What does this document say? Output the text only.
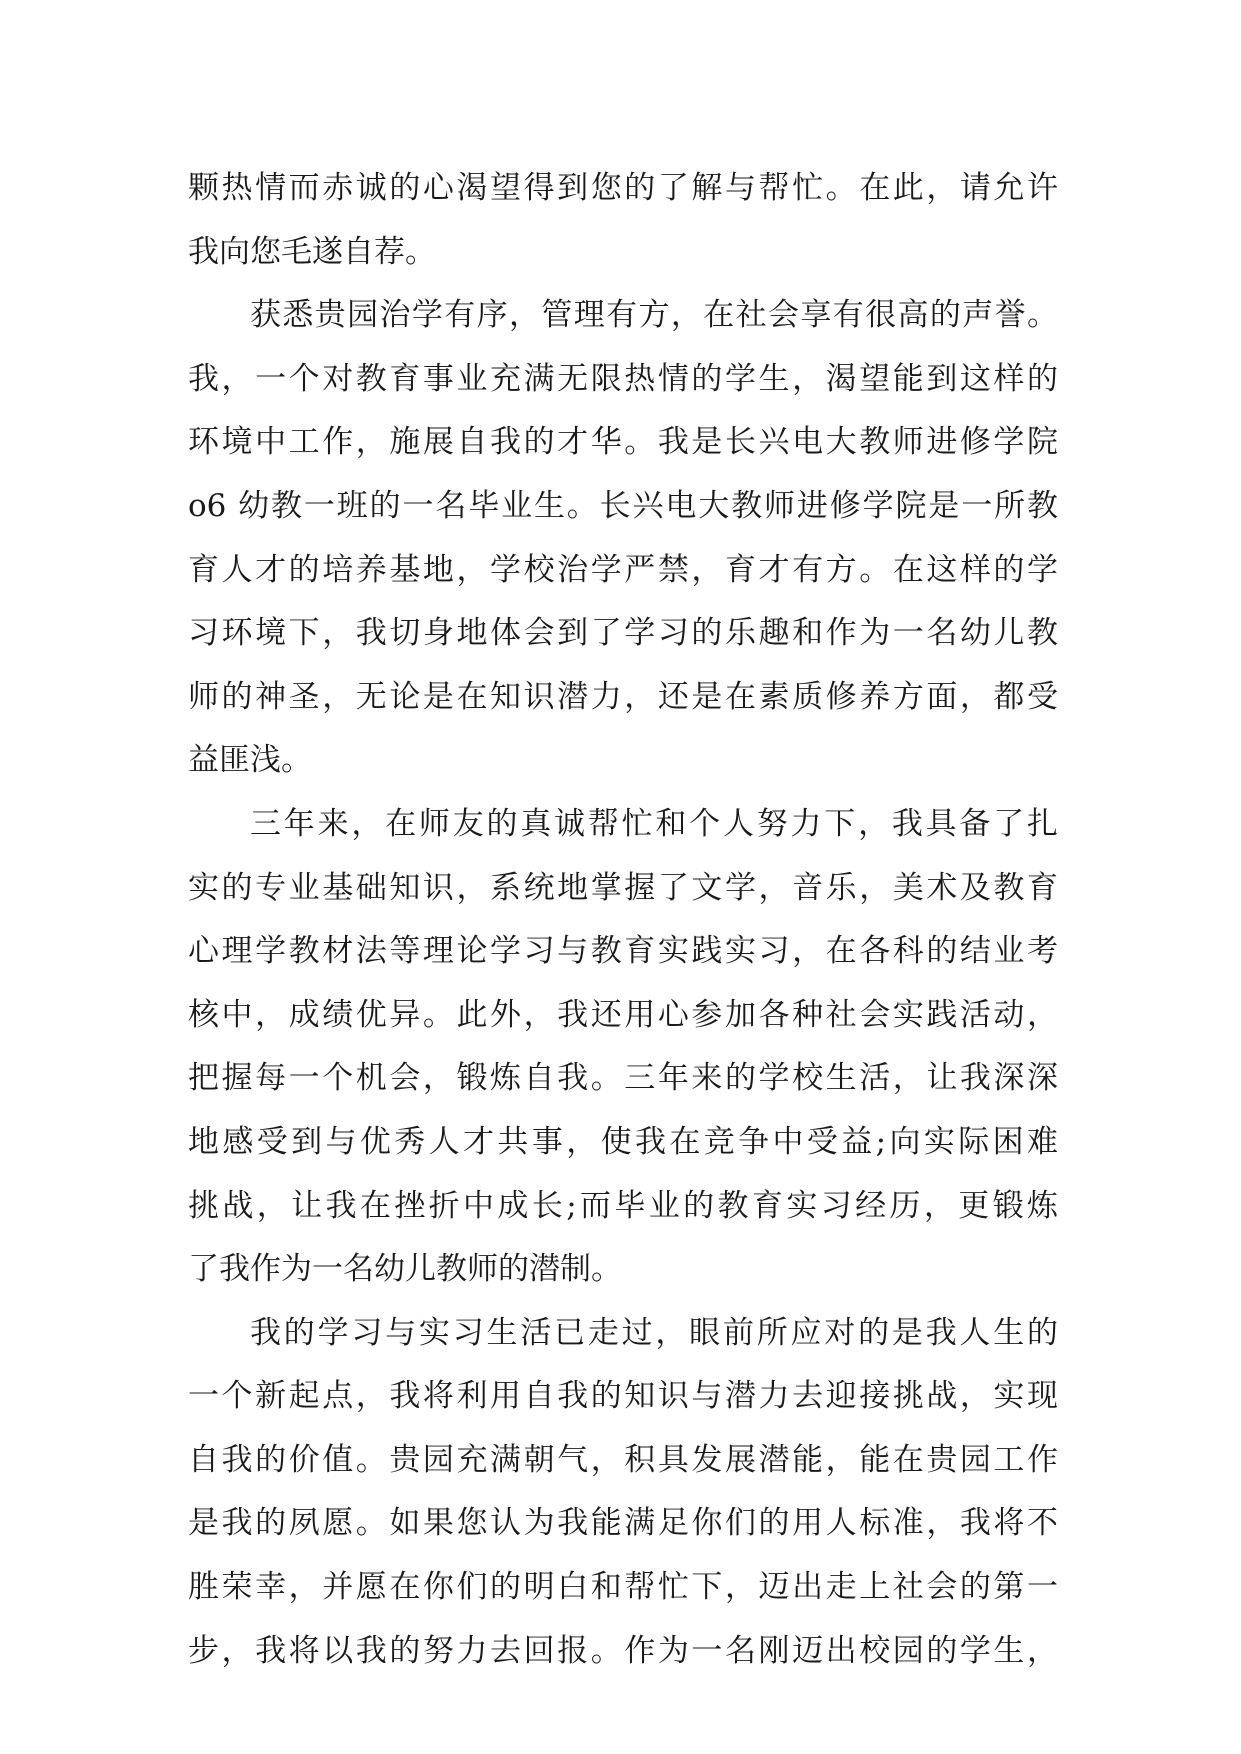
颗热情而赤诚的心渴望得到您的了解与帮忙。在此，请允许
我向您毛遂自荐。
获悉贵园治学有序，管理有方，在社会享有很高的声誉。
我，一个对教育事业充满无限热情的学生，渴望能到这样的
环境中工作，施展自我的才华。我是长兴电大教师进修学院
o6 幼教一班的一名毕业生。长兴电大教师进修学院是一所教
育人才的培养基地，学校治学严禁，育才有方。在这样的学
习环境下，我切身地体会到了学习的乐趣和作为一名幼儿教
师的神圣，无论是在知识潜力，还是在素质修养方面，都受
益匪浅。
三年来，在师友的真诚帮忙和个人努力下，我具备了扎
实的专业基础知识，系统地掌握了文学，音乐，美术及教育
心理学教材法等理论学习与教育实践实习，在各科的结业考
核中，成绩优异。此外，我还用心参加各种社会实践活动，
把握每一个机会，锻炼自我。三年来的学校生活，让我深深
地感受到与优秀人才共事，使我在竞争中受益;向实际困难
挑战，让我在挫折中成长;而毕业的教育实习经历，更锻炼
了我作为一名幼儿教师的潜制。
我的学习与实习生活已走过，眼前所应对的是我人生的
一个新起点，我将利用自我的知识与潜力去迎接挑战，实现
自我的价值。贵园充满朝气，积具发展潜能，能在贵园工作
是我的夙愿。如果您认为我能满足你们的用人标准，我将不
胜荣幸，并愿在你们的明白和帮忙下，迈出走上社会的第一
步，我将以我的努力去回报。作为一名刚迈出校园的学生，
